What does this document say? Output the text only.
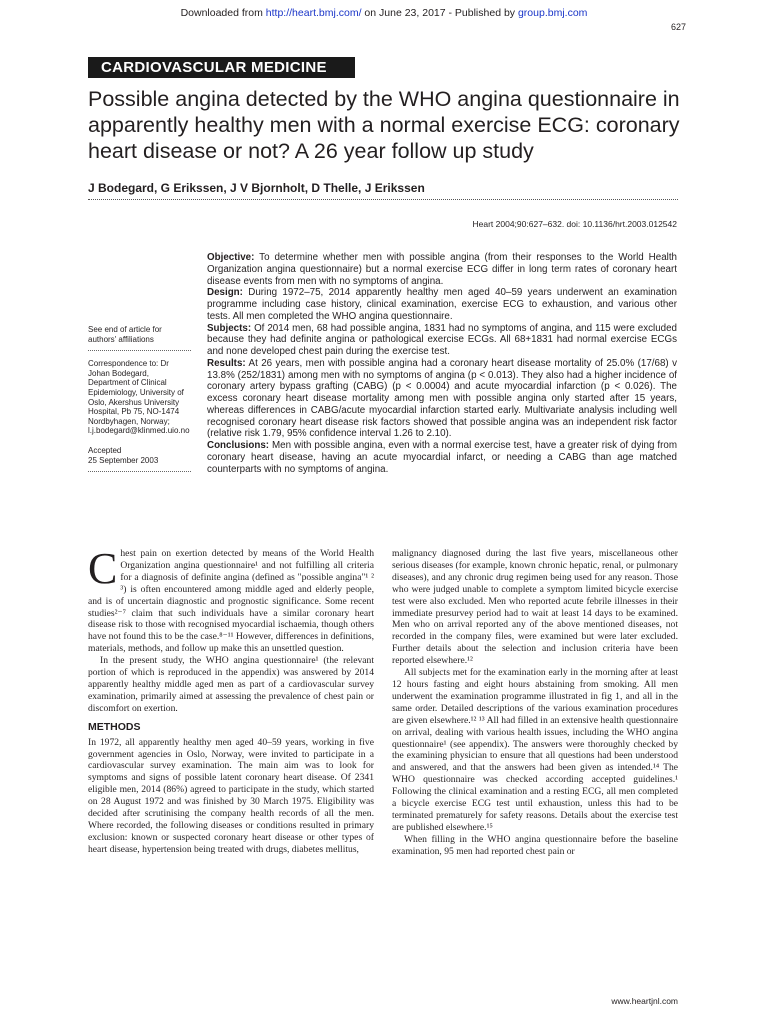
Downloaded from http://heart.bmj.com/ on June 23, 2017 - Published by group.bmj.com
627
CARDIOVASCULAR MEDICINE
Possible angina detected by the WHO angina questionnaire in apparently healthy men with a normal exercise ECG: coronary heart disease or not? A 26 year follow up study
J Bodegard, G Erikssen, J V Bjornholt, D Thelle, J Erikssen
Heart 2004;90:627–632. doi: 10.1136/hrt.2003.012542

Objective: To determine whether men with possible angina (from their responses to the World Health Organization angina questionnaire) but a normal exercise ECG differ in long term rates of coronary heart disease events from men with no symptoms of angina.

Design: During 1972–75, 2014 apparently healthy men aged 40–59 years underwent an examination programme including case history, clinical examination, exercise ECG to exhaustion, and various other tests. All men completed the WHO angina questionnaire.

Subjects: Of 2014 men, 68 had possible angina, 1831 had no symptoms of angina, and 115 were excluded because they had definite angina or pathological exercise ECGs. All 68+1831 had normal exercise ECGs and none developed chest pain during the exercise test.

Results: At 26 years, men with possible angina had a coronary heart disease mortality of 25.0% (17/68) v 13.8% (252/1831) among men with no symptoms of angina (p < 0.013). They also had a higher incidence of coronary artery bypass grafting (CABG) (p < 0.0004) and acute myocardial infarction (p < 0.026). The excess coronary heart disease mortality among men with possible angina only started after 15 years, whereas differences in CABG/acute myocardial infarction started early. Multivariate analysis including well recognised coronary heart disease risk factors showed that possible angina was an independent risk factor (relative risk 1.79, 95% confidence interval 1.26 to 2.10).

Conclusions: Men with possible angina, even with a normal exercise test, have a greater risk of dying from coronary heart disease, having an acute myocardial infarct, or needing a CABG than age matched counterparts with no symptoms of angina.

See end of article for authors' affiliations

Correspondence to: Dr Johan Bodegard, Department of Clinical Epidemiology, University of Oslo, Akershus University Hospital, Pb 75, NO-1474 Nordbyhagen, Norway; l.j.bodegard@klinmed.uio.no

Accepted

25 September 2003

Chest pain on exertion detected by means of the World Health Organization angina questionnaire¹ and not fulfilling all criteria for a diagnosis of definite angina (defined as "possible angina"¹ ² ³) is often encountered among middle aged and elderly people, and is of uncertain diagnostic and prognostic significance. Some recent studies²⁻⁷ claim that such individuals have a similar coronary heart disease risk to those with recognised myocardial ischaemia, though others have not found this to be the case.⁸⁻¹¹ However, differences in definitions, materials, methods, and follow up make this an unsettled question.

In the present study, the WHO angina questionnaire¹ (the relevant portion of which is reproduced in the appendix) was answered by 2014 apparently healthy middle aged men as part of a cardiovascular survey examination, primarily aimed at assessing the prevalence of chest pain or discomfort on exertion.

METHODS

In 1972, all apparently healthy men aged 40–59 years, working in five government agencies in Oslo, Norway, were invited to participate in a cardiovascular survey examination. The main aim was to look for symptoms and signs of possible latent coronary heart disease. Of 2341 eligible men, 2014 (86%) agreed to participate in the study, which started on 28 August 1972 and was finished by 30 March 1975. Eligibility was decided after scrutinising the company health records of all the men. Where recorded, the following diseases or conditions resulted in primary exclusion: known or suspected coronary heart disease or other types of heart disease, hypertension being treated with drugs, diabetes mellitus,

malignancy diagnosed during the last five years, miscellaneous other serious diseases (for example, known chronic hepatic, renal, or pulmonary diseases), and any chronic drug regimen being used for any reason. Those who were judged unable to complete a symptom limited bicycle exercise test were also excluded. Men who reported acute febrile illnesses in their immediate presurvey period had to wait at least 14 days to be examined. Men who on arrival reported any of the above mentioned diseases, not recorded in the company files, were examined but were later excluded. Further details about the selection and inclusion criteria have been reported elsewhere.¹²

All subjects met for the examination early in the morning after at least 12 hours fasting and eight hours abstaining from smoking. All men underwent the examination programme illustrated in fig 1, and all in the same order. Detailed descriptions of the various examination procedures are given elsewhere.¹² ¹³ All had filled in an extensive health questionnaire on arrival, dealing with various health issues, including the WHO angina questionnaire¹ (see appendix). The answers were thoroughly checked by the examining physician to ensure that all questions had been understood and answered, and that the answers had been given as intended.¹⁴ The WHO questionnaire was checked according accepted guidelines.¹ Following the clinical examination and a resting ECG, all men completed a bicycle exercise ECG test until exhaustion, unless this had to be terminated prematurely for safety reasons. Details about the exercise test are published elsewhere.¹⁵

When filling in the WHO angina questionnaire before the baseline examination, 95 men had reported chest pain or

www.heartjnl.com
